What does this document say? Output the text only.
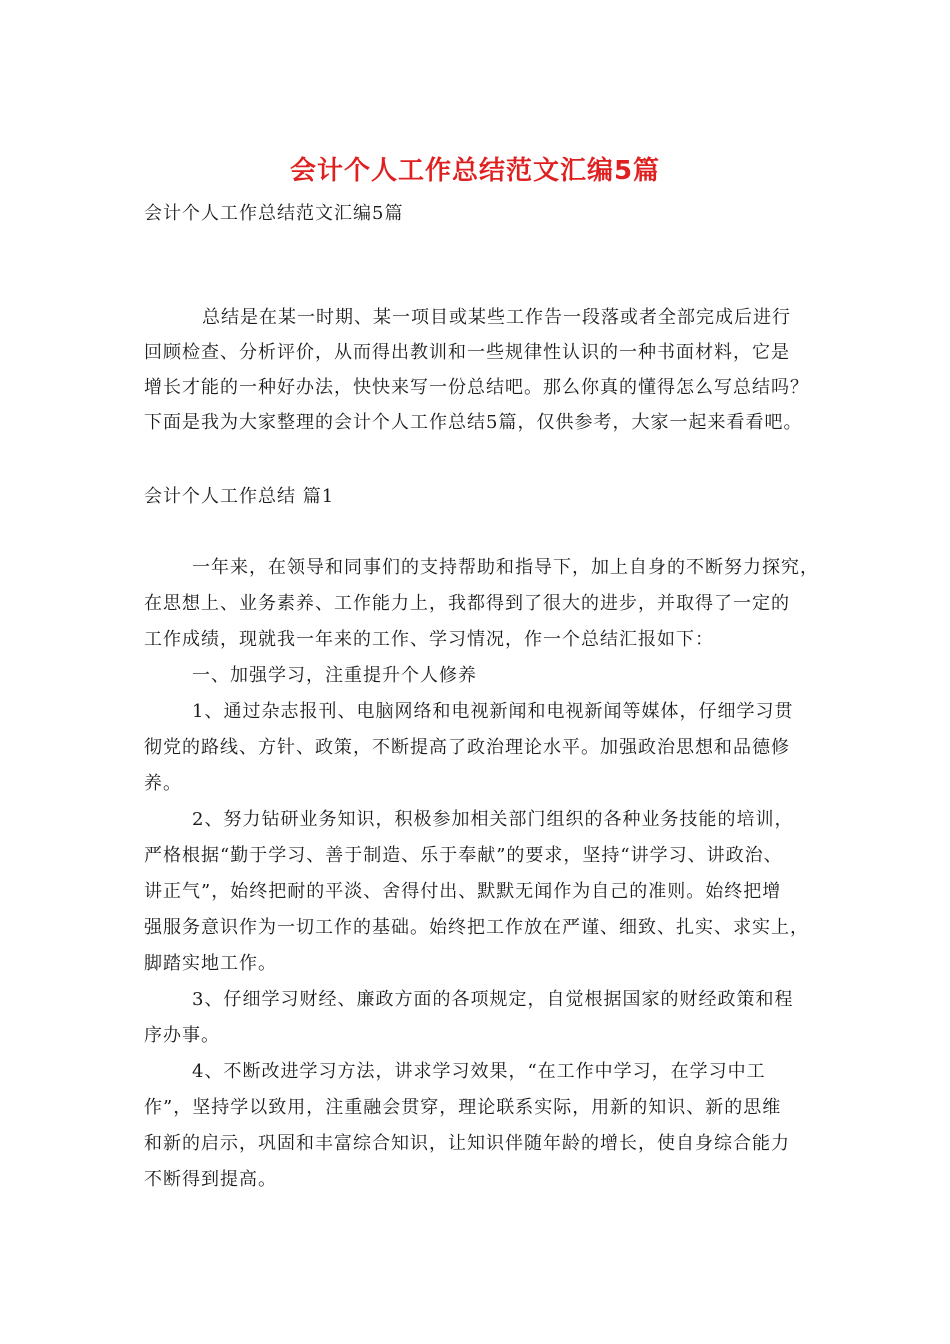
会计个人工作总结范文汇编5篇
会计个人工作总结范文汇编5篇

总结是在某一时期、某一项目或某些工作告一段落或者全部完成后进行

回顾检查、分析评价，从而得出教训和一些规律性认识的一种书面材料，它是

增长才能的一种好办法，快快来写一份总结吧。那么你真的懂得怎么写总结吗？

下面是我为大家整理的会计个人工作总结5篇，仅供参考，大家一起来看看吧。

会计个人工作总结 篇1

一年来，在领导和同事们的支持帮助和指导下，加上自身的不断努力探究，

在思想上、业务素养、工作能力上，我都得到了很大的进步，并取得了一定的

工作成绩，现就我一年来的工作、学习情况，作一个总结汇报如下：

一、加强学习，注重提升个人修养

1、通过杂志报刊、电脑网络和电视新闻和电视新闻等媒体，仔细学习贯

彻党的路线、方针、政策，不断提高了政治理论水平。加强政治思想和品德修

养。

2、努力钻研业务知识，积极参加相关部门组织的各种业务技能的培训，

严格根据“勤于学习、善于制造、乐于奉献”的要求，坚持“讲学习、讲政治、

讲正气”，始终把耐的平淡、舍得付出、默默无闻作为自己的准则。始终把增

强服务意识作为一切工作的基础。始终把工作放在严谨、细致、扎实、求实上，

脚踏实地工作。

3、仔细学习财经、廉政方面的各项规定，自觉根据国家的财经政策和程

序办事。

4、不断改进学习方法，讲求学习效果，“在工作中学习，在学习中工

作”，坚持学以致用，注重融会贯穿，理论联系实际，用新的知识、新的思维

和新的启示，巩固和丰富综合知识，让知识伴随年龄的增长，使自身综合能力

不断得到提高。
